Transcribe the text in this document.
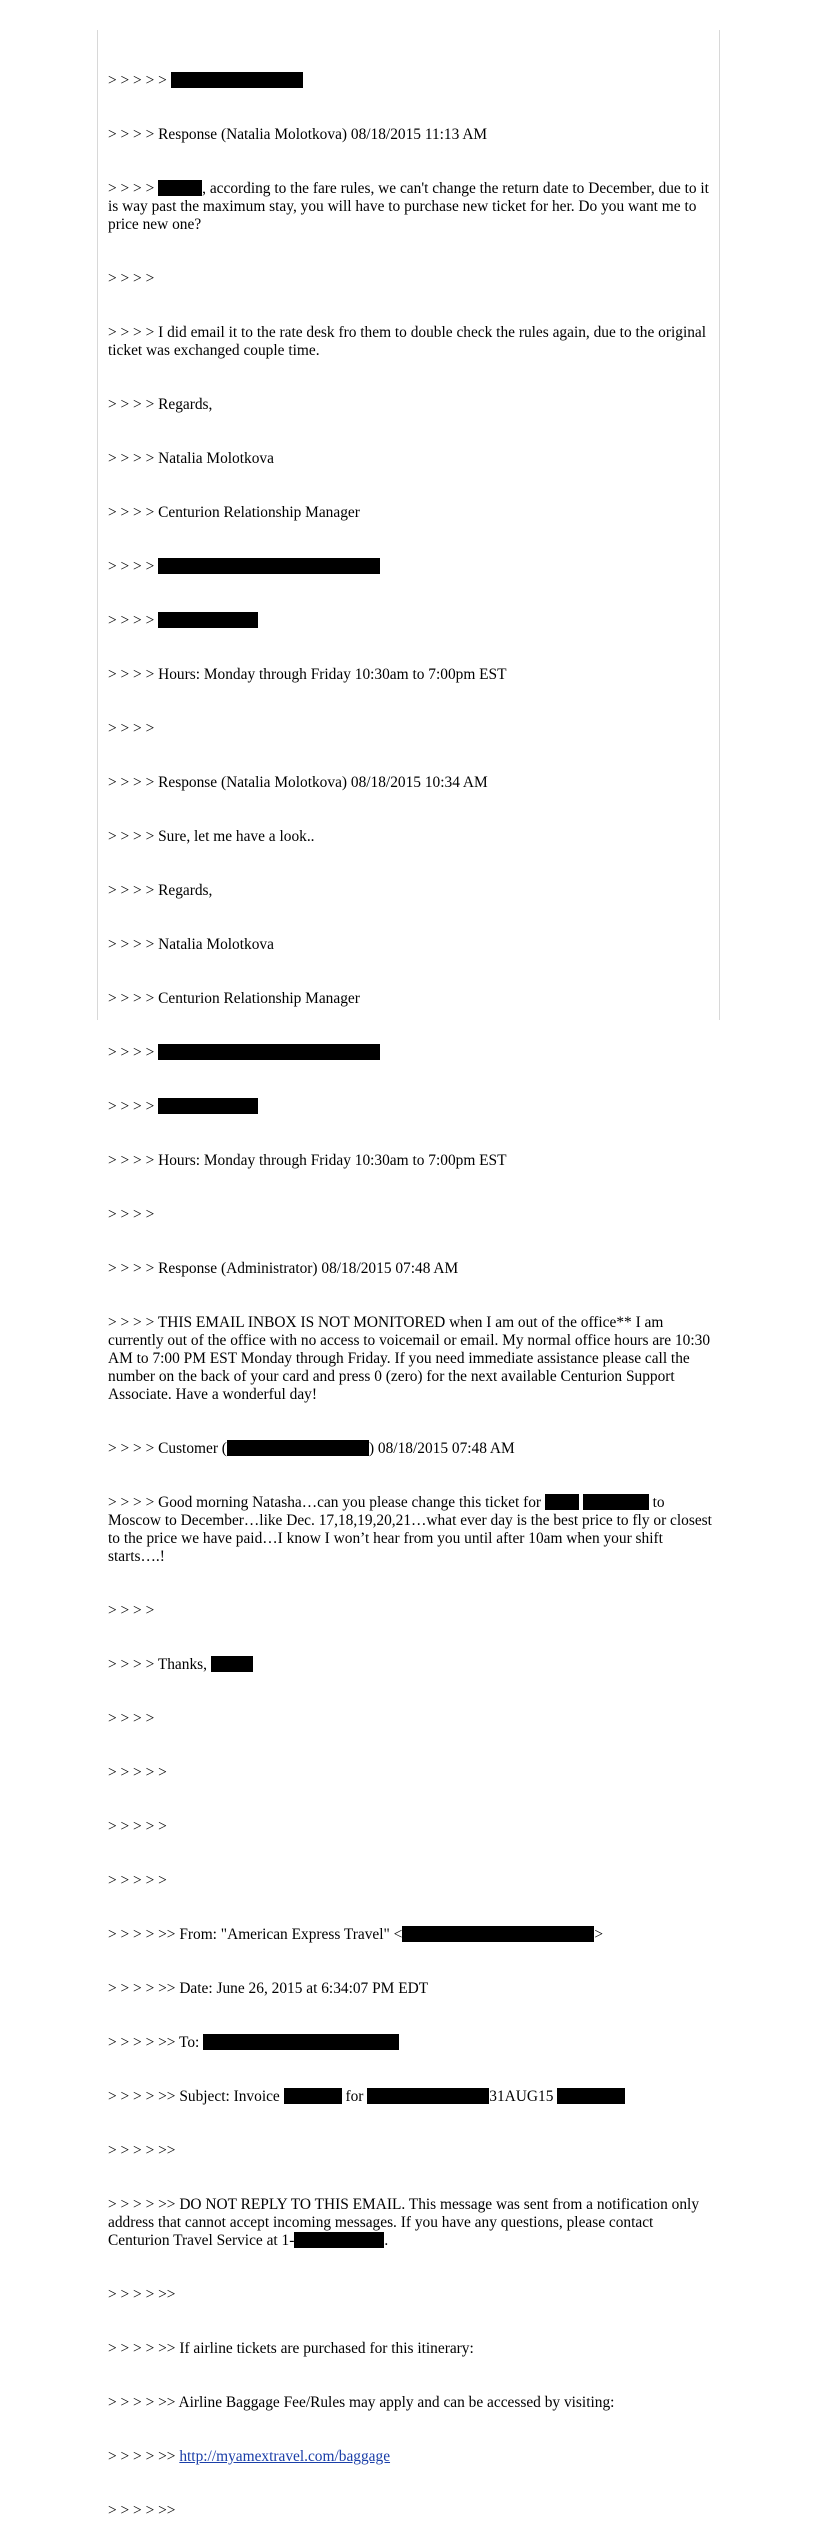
> > > > >

> > > > Response (Natalia Molotkova) 08/18/2015 11:13 AM

> > > >	, according to the fare rules, we can't change the return date to December, due to it is way past the maximum stay, you will have to purchase new ticket for her. Do you want me to price new one?

> > > >

> > > > I did email it to the rate desk fro them to double check the rules again, due to the original ticket was exchanged couple time.

> > > > Regards,

> > > > Natalia Molotkova

> > > > Centurion Relationship Manager

> > > >

> > > >

> > > > Hours: Monday through Friday 10:30am to 7:00pm EST

> > > >

> > > > Response (Natalia Molotkova) 08/18/2015 10:34 AM

> > > > Sure, let me have a look..

> > > > Regards,

> > > > Natalia Molotkova

> > > > Centurion Relationship Manager

> > > >

> > > >

> > > > Hours: Monday through Friday 10:30am to 7:00pm EST

> > > >

> > > > Response (Administrator) 08/18/2015 07:48 AM

> > > > THIS EMAIL INBOX IS NOT MONITORED when I am out of the office** I am currently out of the office with no access to voicemail or email. My normal office hours are 10:30 AM to 7:00 PM EST Monday through Friday. If you need immediate assistance please call the number on the back of your card and press 0 (zero) for the next available Centurion Support Associate. Have a wonderful day!

> > > > Customer (	) 08/18/2015 07:48 AM

> > > > Good morning Natasha…can you please change this ticket for	to Moscow to December…like Dec. 17,18,19,20,21…what ever day is the best price to fly or closest to the price we have paid…I know I won’t hear from you until after 10am when your shift starts….!

> > > >

> > > > Thanks,

> > > >

> > > > >

> > > > >

> > > > >

> > > > >> From: "American Express Travel" <	>

> > > > >> Date: June 26, 2015 at 6:34:07 PM EDT

> > > > >> To:

> > > > >> Subject: Invoice	for	31AUG15

> > > > >>

> > > > >> DO NOT REPLY TO THIS EMAIL. This message was sent from a notification only address that cannot accept incoming messages. If you have any questions, please contact Centurion Travel Service at 1-	.

> > > > >>

> > > > >> If airline tickets are purchased for this itinerary:

> > > > >> Airline Baggage Fee/Rules may apply and can be accessed by visiting:

> > > > >> http://myamextravel.com/baggage

> > > > >>
